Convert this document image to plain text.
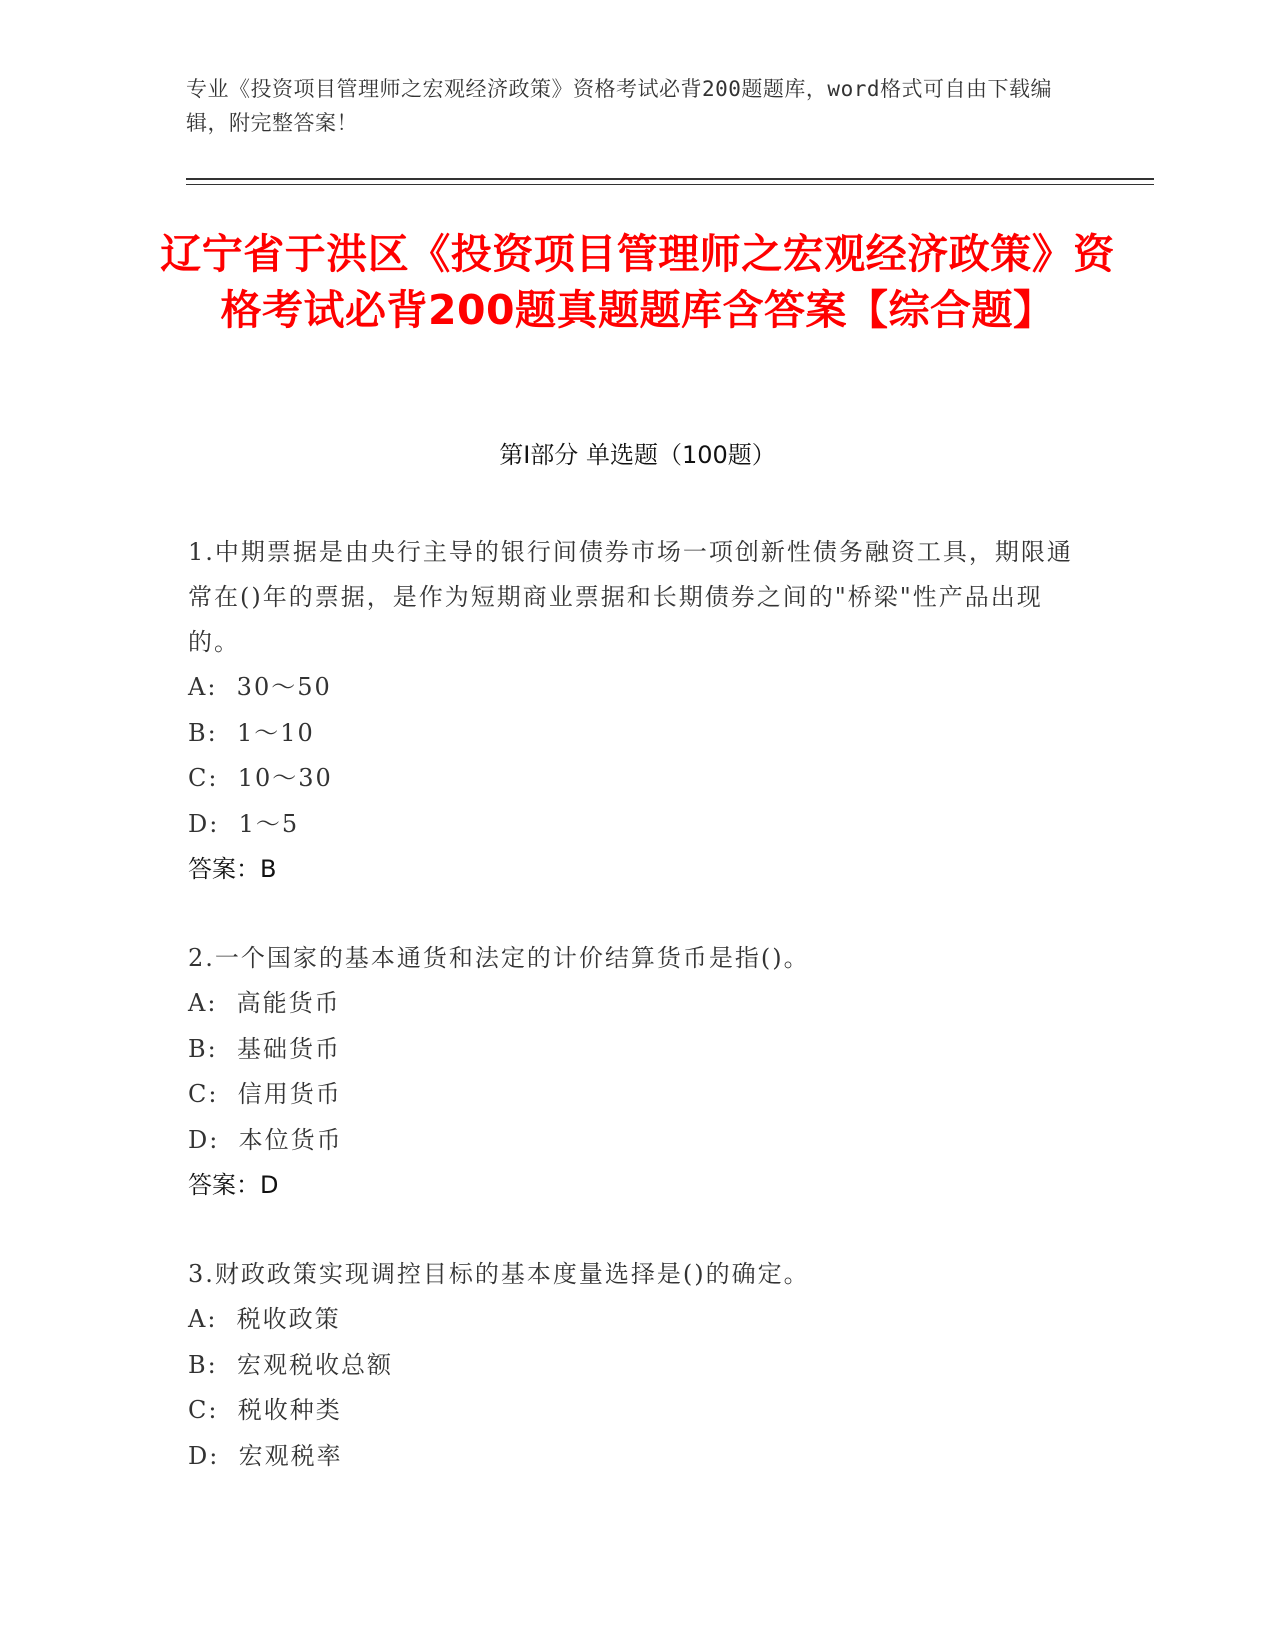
专业《投资项目管理师之宏观经济政策》资格考试必背200题题库，word格式可自由下载编辑，附完整答案！
辽宁省于洪区《投资项目管理师之宏观经济政策》资格考试必背200题真题题库含答案【综合题】
第I部分 单选题（100题）

1.中期票据是由央行主导的银行间债券市场一项创新性债务融资工具，期限通常在()年的票据，是作为短期商业票据和长期债券之间的"桥梁"性产品出现的。

A:  30～50

B:  1～10

C:  10～30

D:  1～5

答案：B

2.一个国家的基本通货和法定的计价结算货币是指()。

A:  高能货币

B:  基础货币

C:  信用货币

D:  本位货币

答案：D

3.财政政策实现调控目标的基本度量选择是()的确定。

A:  税收政策

B:  宏观税收总额

C:  税收种类

D:  宏观税率
